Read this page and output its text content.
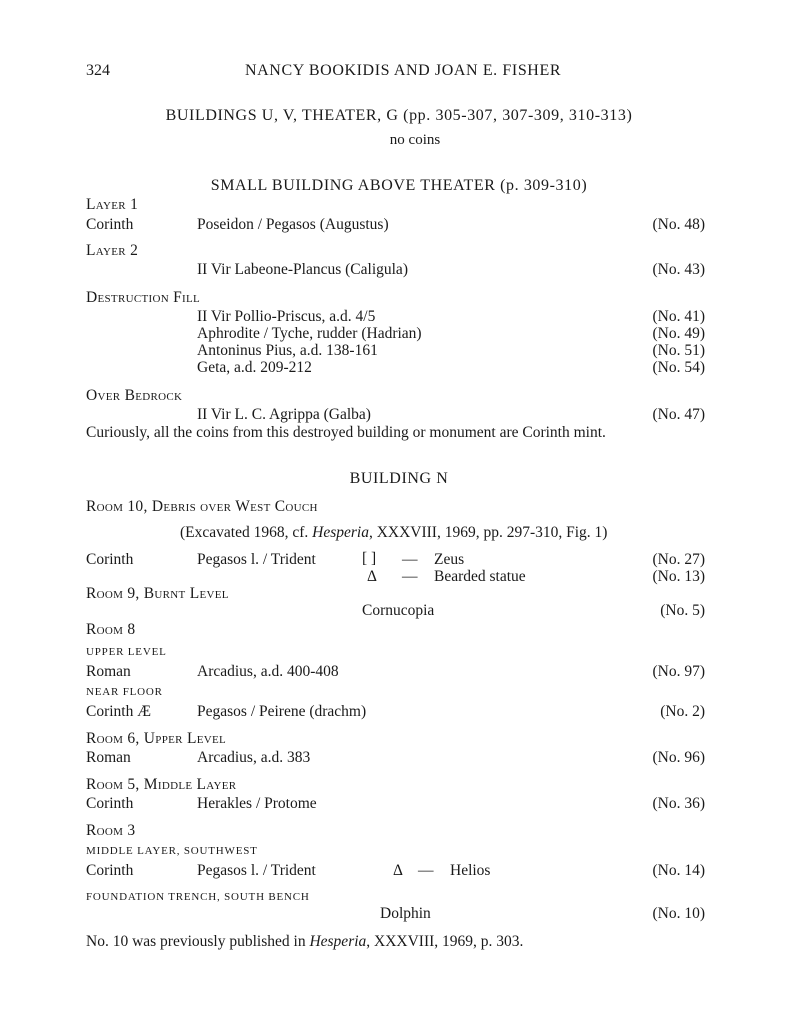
324	NANCY BOOKIDIS AND JOAN E. FISHER
BUILDINGS U, V, THEATER, G (pp. 305-307, 307-309, 310-313)
no coins
SMALL BUILDING ABOVE THEATER (p. 309-310)
Layer 1
Corinth	Poseidon / Pegasos (Augustus)	(No. 48)
Layer 2
II Vir Labeone-Plancus (Caligula)	(No. 43)
Destruction Fill
II Vir Pollio-Priscus, a.d. 4/5	(No. 41)
Aphrodite / Tyche, rudder (Hadrian)	(No. 49)
Antoninus Pius, a.d. 138-161	(No. 51)
Geta, a.d. 209-212	(No. 54)
Over Bedrock
II Vir L. C. Agrippa (Galba)	(No. 47)
Curiously, all the coins from this destroyed building or monument are Corinth mint.
BUILDING N
Room 10, Debris over West Couch
(Excavated 1968, cf. Hesperia, XXXVIII, 1969, pp. 297-310, Fig. 1)
Corinth	Pegasos l. / Trident	[ ] — Zeus	(No. 27)
Δ — Bearded statue	(No. 13)
Room 9, Burnt Level
Cornucopia	(No. 5)
Room 8
UPPER LEVEL
Roman	Arcadius, a.d. 400-408	(No. 97)
NEAR FLOOR
Corinth Æ	Pegasos / Peirene (drachm)	(No. 2)
Room 6, Upper Level
Roman	Arcadius, a.d. 383	(No. 96)
Room 5, Middle Layer
Corinth	Herakles / Protome	(No. 36)
Room 3
MIDDLE LAYER, SOUTHWEST
Corinth	Pegasos l. / Trident	Δ — Helios	(No. 14)
FOUNDATION TRENCH, SOUTH BENCH
Dolphin	(No. 10)
No. 10 was previously published in Hesperia, XXXVIII, 1969, p. 303.
